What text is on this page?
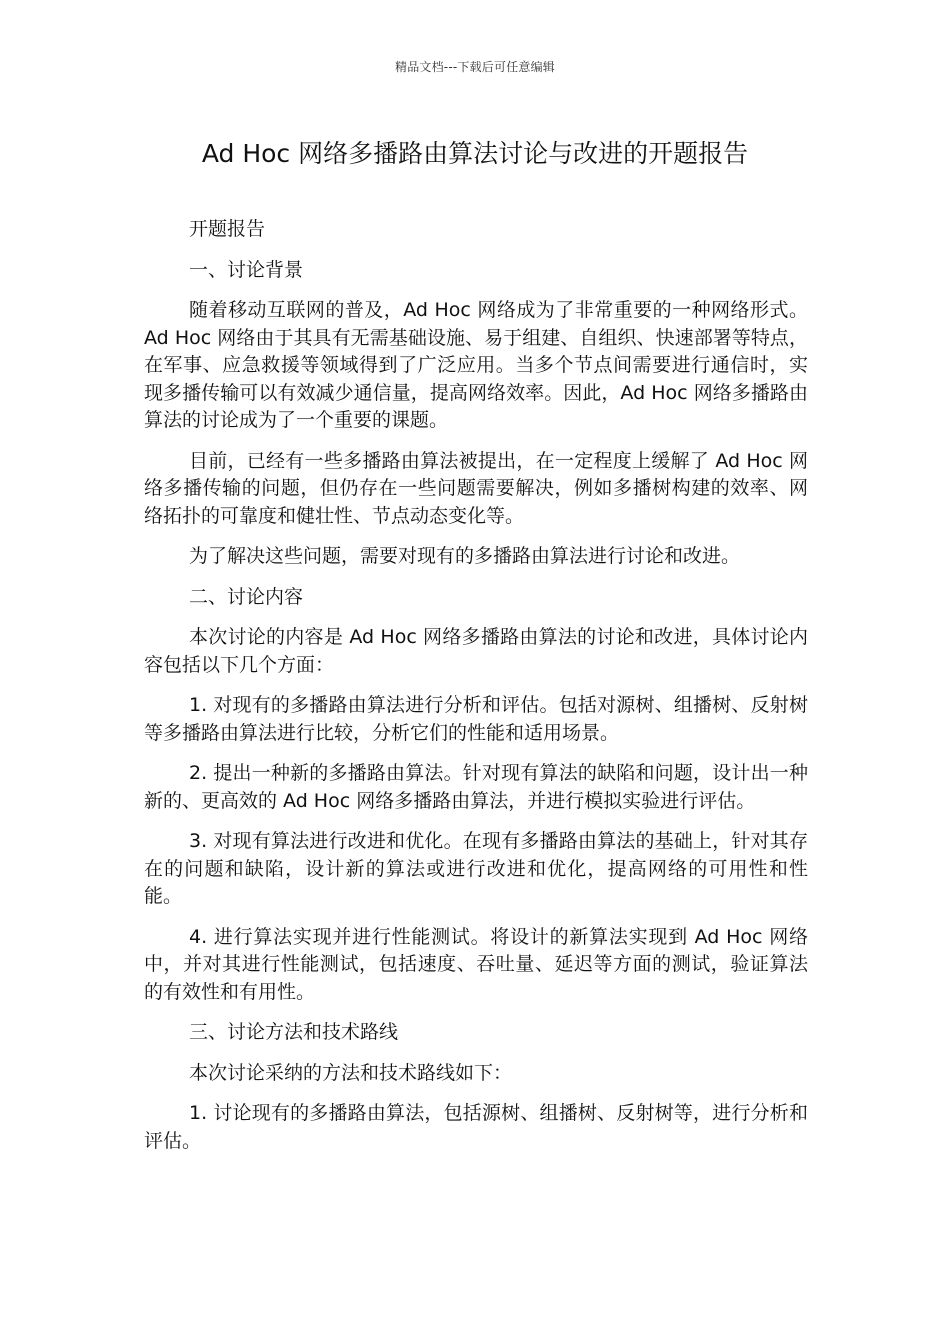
精品文档---下载后可任意编辑
Ad Hoc 网络多播路由算法讨论与改进的开题报告

开题报告

一、讨论背景

随着移动互联网的普及，Ad Hoc 网络成为了非常重要的一种网络形式。Ad Hoc 网络由于其具有无需基础设施、易于组建、自组织、快速部署等特点，在军事、应急救援等领域得到了广泛应用。当多个节点间需要进行通信时，实现多播传输可以有效减少通信量，提高网络效率。因此，Ad Hoc 网络多播路由算法的讨论成为了一个重要的课题。

目前，已经有一些多播路由算法被提出，在一定程度上缓解了 Ad Hoc 网络多播传输的问题，但仍存在一些问题需要解决，例如多播树构建的效率、网络拓扑的可靠度和健壮性、节点动态变化等。

为了解决这些问题，需要对现有的多播路由算法进行讨论和改进。

二、讨论内容

本次讨论的内容是 Ad Hoc 网络多播路由算法的讨论和改进，具体讨论内容包括以下几个方面：

1. 对现有的多播路由算法进行分析和评估。包括对源树、组播树、反射树等多播路由算法进行比较，分析它们的性能和适用场景。

2. 提出一种新的多播路由算法。针对现有算法的缺陷和问题，设计出一种新的、更高效的 Ad Hoc 网络多播路由算法，并进行模拟实验进行评估。

3. 对现有算法进行改进和优化。在现有多播路由算法的基础上，针对其存在的问题和缺陷，设计新的算法或进行改进和优化，提高网络的可用性和性能。

4. 进行算法实现并进行性能测试。将设计的新算法实现到 Ad Hoc 网络中，并对其进行性能测试，包括速度、吞吐量、延迟等方面的测试，验证算法的有效性和有用性。

三、讨论方法和技术路线

本次讨论采纳的方法和技术路线如下：

1. 讨论现有的多播路由算法，包括源树、组播树、反射树等，进行分析和评估。
